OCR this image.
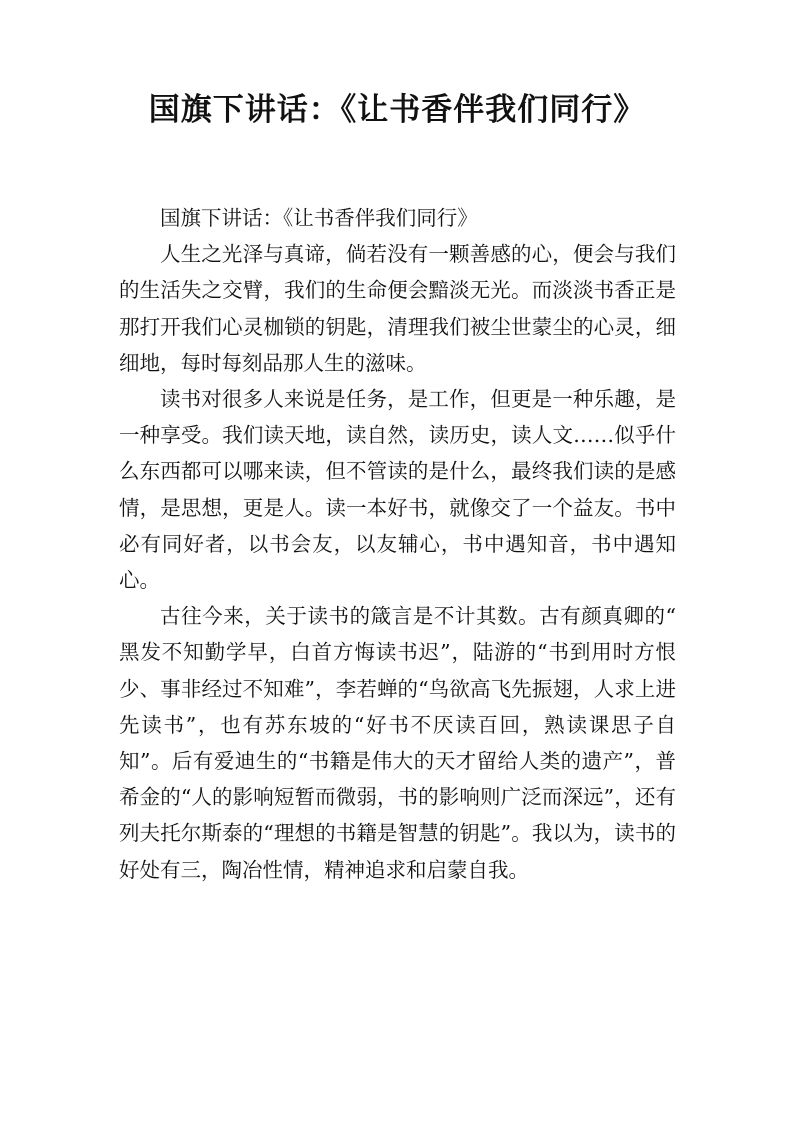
国旗下讲话：《让书香伴我们同行》

国旗下讲话：《让书香伴我们同行》

人生之光泽与真谛，倘若没有一颗善感的心，便会与我们的生活失之交臂，我们的生命便会黯淡无光。而淡淡书香正是那打开我们心灵枷锁的钥匙，清理我们被尘世蒙尘的心灵，细细地，每时每刻品那人生的滋味。

读书对很多人来说是任务，是工作，但更是一种乐趣，是一种享受。我们读天地，读自然，读历史，读人文……似乎什么东西都可以哪来读，但不管读的是什么，最终我们读的是感情，是思想，更是人。读一本好书，就像交了一个益友。书中必有同好者，以书会友，以友辅心，书中遇知音，书中遇知心。

古往今来，关于读书的箴言是不计其数。古有颜真卿的“ 黑发不知勤学早，白首方悔读书迟”，陆游的“书到用时方恨少、事非经过不知难”，李若蝉的“鸟欲高飞先振翅，人求上进先读书”，也有苏东坡的“好书不厌读百回，熟读课思子自知”。后有爱迪生的“书籍是伟大的天才留给人类的遗产”，普希金的“人的影响短暂而微弱，书的影响则广泛而深远”，还有列夫托尔斯泰的“理想的书籍是智慧的钥匙”。我以为，读书的好处有三，陶冶性情，精神追求和启蒙自我。
